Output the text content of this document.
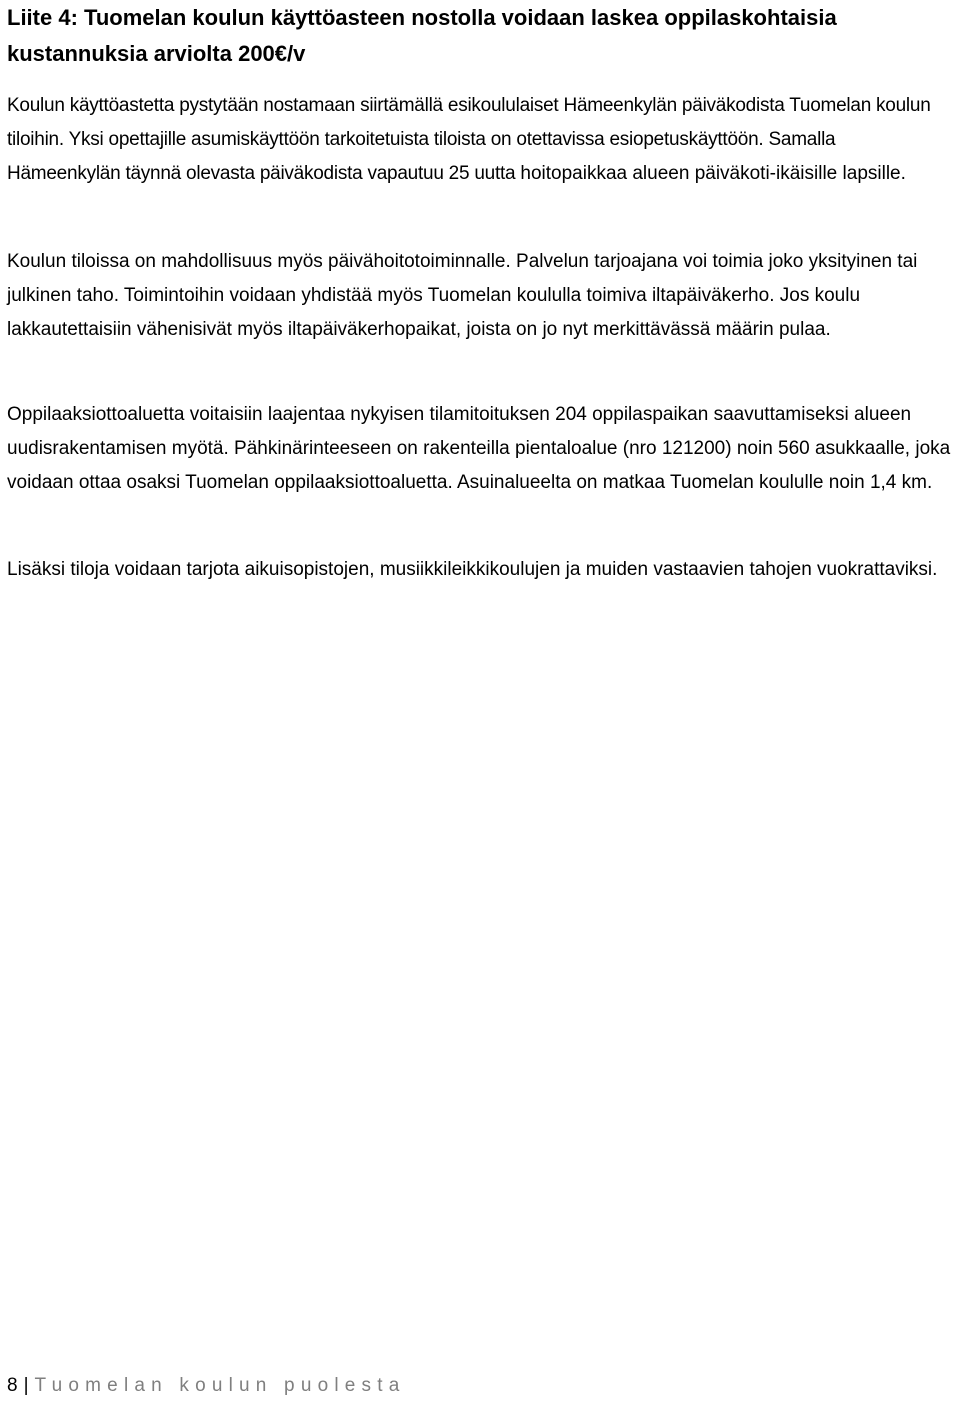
Liite 4: Tuomelan koulun käyttöasteen nostolla voidaan laskea oppilaskohtaisia kustannuksia arviolta 200€/v

Koulun käyttöastetta pystytään nostamaan siirtämällä esikoululaiset Hämeenkylän päiväkodista Tuomelan koulun tiloihin. Yksi opettajille asumiskäyttöön tarkoitetuista tiloista on otettavissa esiopetuskäyttöön. Samalla Hämeenkylän täynnä olevasta päiväkodista vapautuu 25 uutta hoitopaikkaa alueen päiväkoti-ikäisille lapsille.

Koulun tiloissa on mahdollisuus myös päivähoitotoiminnalle. Palvelun tarjoajana voi toimia joko yksityinen tai julkinen taho. Toimintoihin voidaan yhdistää myös Tuomelan koululla toimiva iltapäiväkerho. Jos koulu lakkautettaisiin vähenisivät myös iltapäiväkerhopaikat, joista on jo nyt merkittävässä määrin pulaa.

Oppilaaksiottoaluetta voitaisiin laajentaa nykyisen tilamitoituksen 204 oppilaspaikan saavuttamiseksi alueen uudisrakentamisen myötä. Pähkinärinteeseen on rakenteilla pientaloalue (nro 121200) noin 560 asukkaalle, joka voidaan ottaa osaksi Tuomelan oppilaaksiottoaluetta. Asuinalueelta on matkaa Tuomelan koululle noin 1,4 km.

Lisäksi tiloja voidaan tarjota aikuisopistojen, musiikkileikkikoulujen ja muiden vastaavien tahojen vuokrattaviksi.

8 | Tuomelan koulun puolesta
